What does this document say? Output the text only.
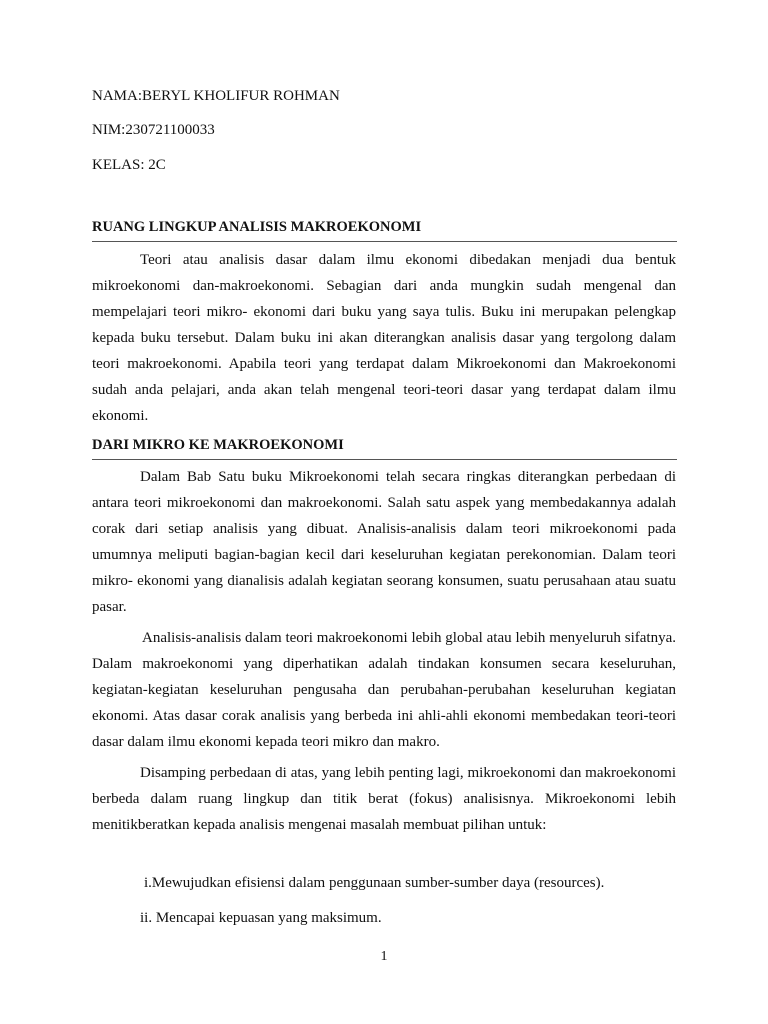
NAMA:BERYL KHOLIFUR ROHMAN
NIM:230721100033
KELAS: 2C
RUANG LINGKUP ANALISIS MAKROEKONOMI
Teori atau analisis dasar dalam ilmu ekonomi dibedakan menjadi dua bentuk mikroekonomi dan-makroekonomi. Sebagian dari anda mungkin sudah mengenal dan mempelajari teori mikro- ekonomi dari buku yang saya tulis. Buku ini merupakan pelengkap kepada buku tersebut. Dalam buku ini akan diterangkan analisis dasar yang tergolong dalam teori makroekonomi. Apabila teori yang terdapat dalam Mikroekonomi dan Makroekonomi sudah anda pelajari, anda akan telah mengenal teori-teori dasar yang terdapat dalam ilmu ekonomi.
DARI MIKRO KE MAKROEKONOMI
Dalam Bab Satu buku Mikroekonomi telah secara ringkas diterangkan perbedaan di antara teori mikroekonomi dan makroekonomi. Salah satu aspek yang membedakannya adalah corak dari setiap analisis yang dibuat. Analisis-analisis dalam teori mikroekonomi pada umumnya meliputi bagian-bagian kecil dari keseluruhan kegiatan perekonomian. Dalam teori mikro- ekonomi yang dianalisis adalah kegiatan seorang konsumen, suatu perusahaan atau suatu pasar.
Analisis-analisis dalam teori makroekonomi lebih global atau lebih menyeluruh sifatnya. Dalam makroekonomi yang diperhatikan adalah tindakan konsumen secara keseluruhan, kegiatan-kegiatan keseluruhan pengusaha dan perubahan-perubahan keseluruhan kegiatan ekonomi. Atas dasar corak analisis yang berbeda ini ahli-ahli ekonomi membedakan teori-teori dasar dalam ilmu ekonomi kepada teori mikro dan makro.
Disamping perbedaan di atas, yang lebih penting lagi, mikroekonomi dan makroekonomi berbeda dalam ruang lingkup dan titik berat (fokus) analisisnya. Mikroekonomi lebih menitikberatkan kepada analisis mengenai masalah membuat pilihan untuk:
i.Mewujudkan efisiensi dalam penggunaan sumber-sumber daya (resources).
ii. Mencapai kepuasan yang maksimum.
1
